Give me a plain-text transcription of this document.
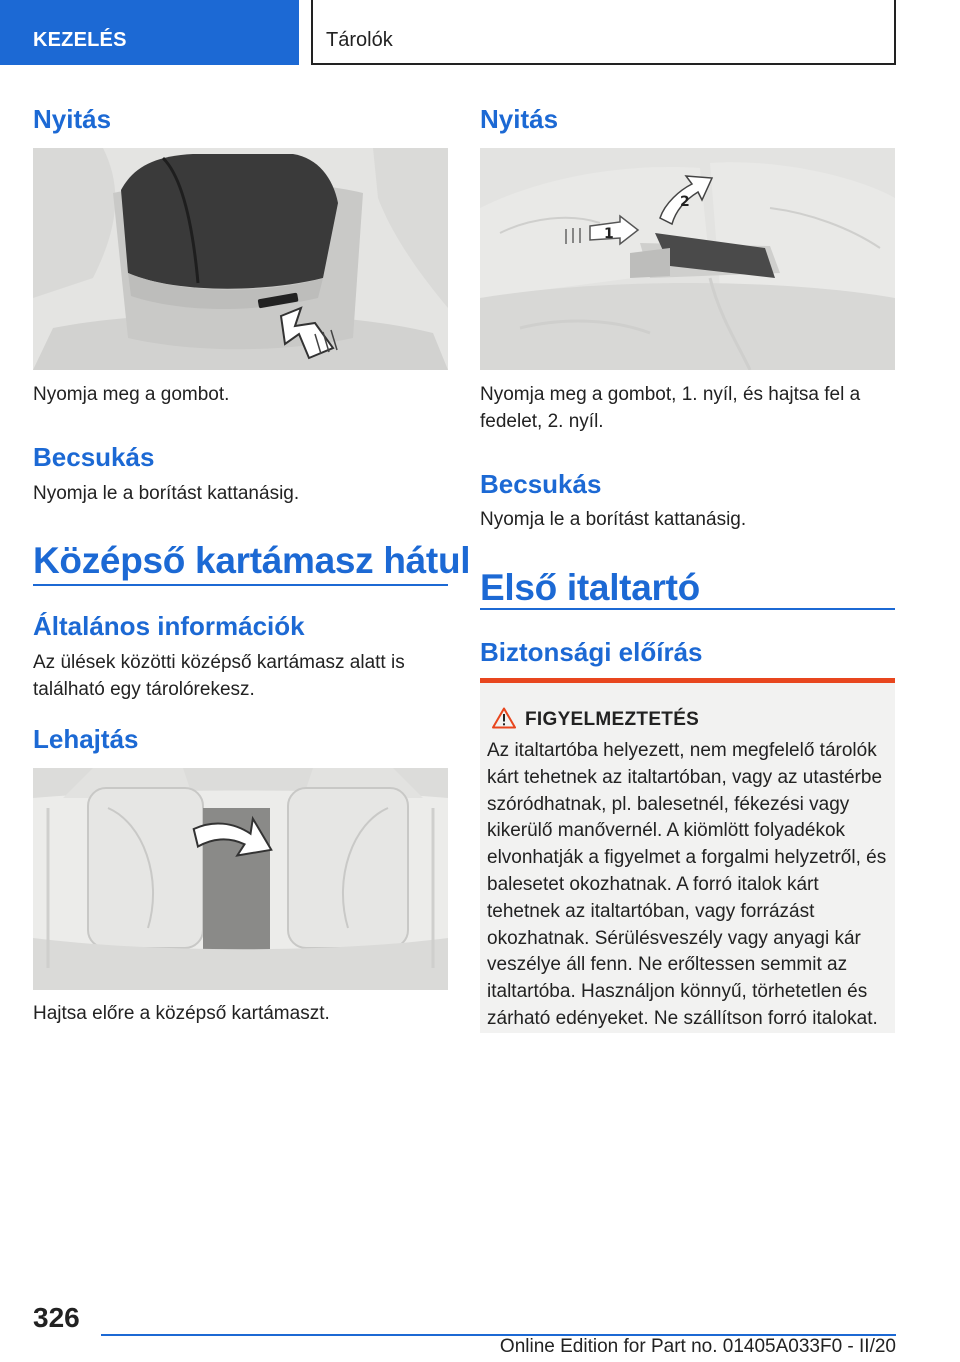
KEZELÉS	Tárolók
Nyitás
Nyomja meg a gombot.
Becsukás
Nyomja le a borítást kattanásig.
Középső kartámasz hátul
Általános információk
Az ülések közötti középső kartámasz alatt is található egy tárolórekesz.
Lehajtás
Hajtsa előre a középső kartámaszt.
Nyitás
1
2
Nyomja meg a gombot, 1. nyíl, és hajtsa fel a fedelet, 2. nyíl.
Becsukás
Nyomja le a borítást kattanásig.
Első italtartó
Biztonsági előírás
FIGYELMEZTETÉS
Az italtartóba helyezett, nem megfelelő tárolók kárt tehetnek az italtartóban, vagy az utastérbe szóródhatnak, pl. balesetnél, fékezési vagy kikerülő manővernél. A kiömlött folyadékok elvonhatják a figyelmet a forgalmi helyzetről, és balesetet okozhatnak. A forró italok kárt tehetnek az italtartóban, vagy forrázást okozhatnak. Sérülésveszély vagy anyagi kár veszélye áll fenn. Ne erőltessen semmit az italtartóba. Használjon könnyű, törhetetlen és zárható edényeket. Ne szállítson forró italokat.
326
Online Edition for Part no. 01405A033F0 - II/20
